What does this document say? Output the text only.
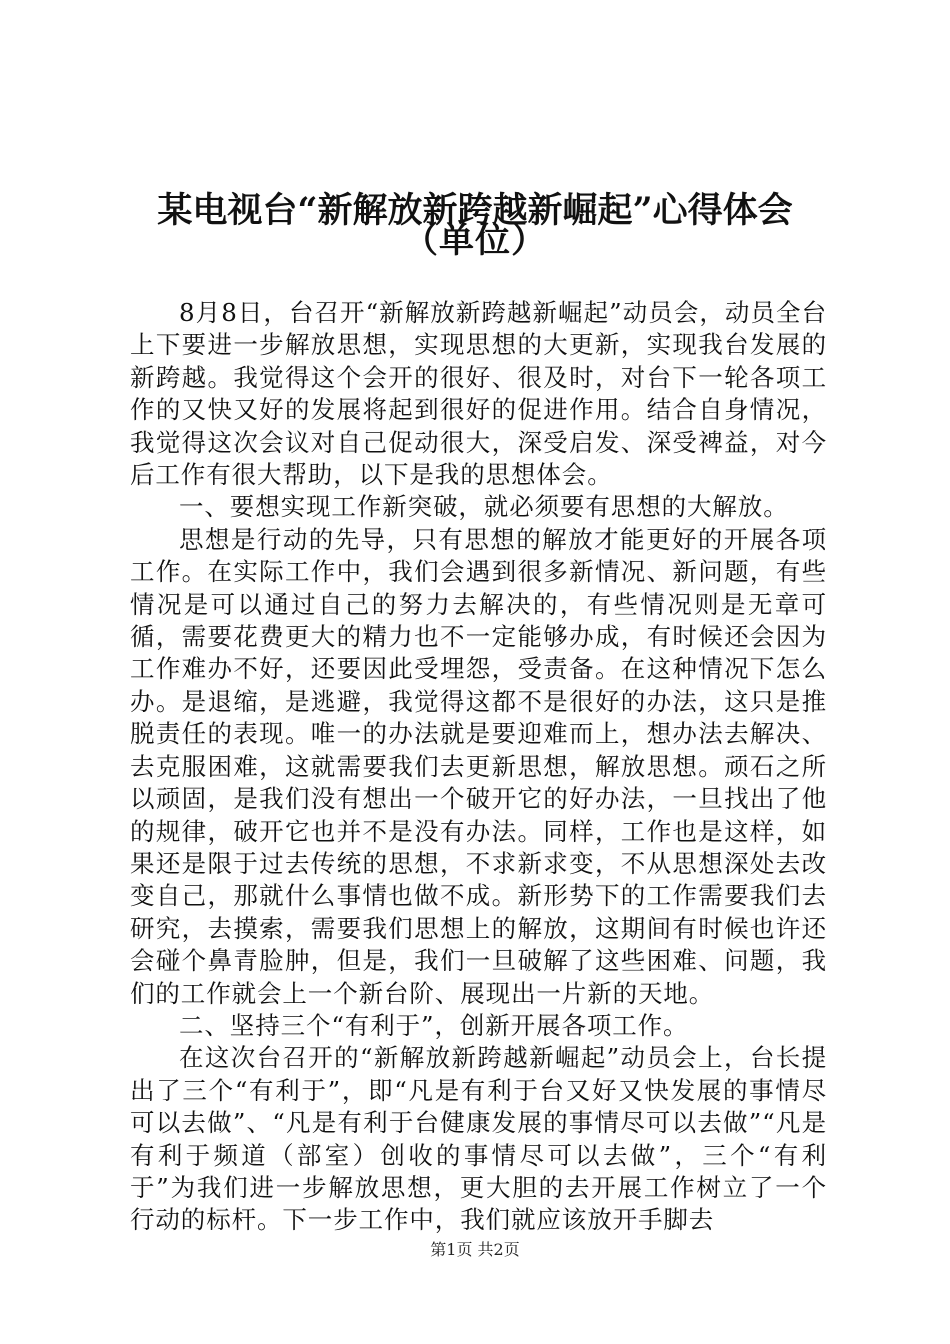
某电视台“新解放新跨越新崛起”心得体会
（单位）

8月8日，台召开“新解放新跨越新崛起”动员会，动员全台上下要进一步解放思想，实现思想的大更新，实现我台发展的新跨越。我觉得这个会开的很好、很及时，对台下一轮各项工作的又快又好的发展将起到很好的促进作用。结合自身情况，我觉得这次会议对自己促动很大，深受启发、深受裨益，对今后工作有很大帮助，以下是我的思想体会。

一、要想实现工作新突破，就必须要有思想的大解放。

思想是行动的先导，只有思想的解放才能更好的开展各项工作。在实际工作中，我们会遇到很多新情况、新问题，有些情况是可以通过自己的努力去解决的，有些情况则是无章可循，需要花费更大的精力也不一定能够办成，有时候还会因为工作难办不好，还要因此受埋怨，受责备。在这种情况下怎么办。是退缩，是逃避，我觉得这都不是很好的办法，这只是推脱责任的表现。唯一的办法就是要迎难而上，想办法去解决、去克服困难，这就需要我们去更新思想，解放思想。顽石之所以顽固，是我们没有想出一个破开它的好办法，一旦找出了他的规律，破开它也并不是没有办法。同样，工作也是这样，如果还是限于过去传统的思想，不求新求变，不从思想深处去改变自己，那就什么事情也做不成。新形势下的工作需要我们去研究，去摸索，需要我们思想上的解放，这期间有时候也许还会碰个鼻青脸肿，但是，我们一旦破解了这些困难、问题，我们的工作就会上一个新台阶、展现出一片新的天地。

二、坚持三个“有利于”，创新开展各项工作。

在这次台召开的“新解放新跨越新崛起”动员会上，台长提出了三个“有利于”，即“凡是有利于台又好又快发展的事情尽可以去做”、“凡是有利于台健康发展的事情尽可以去做”“凡是有利于频道（部室）创收的事情尽可以去做”，三个“有利于”为我们进一步解放思想，更大胆的去开展工作树立了一个行动的标杆。下一步工作中，我们就应该放开手脚去

第1页 共2页
